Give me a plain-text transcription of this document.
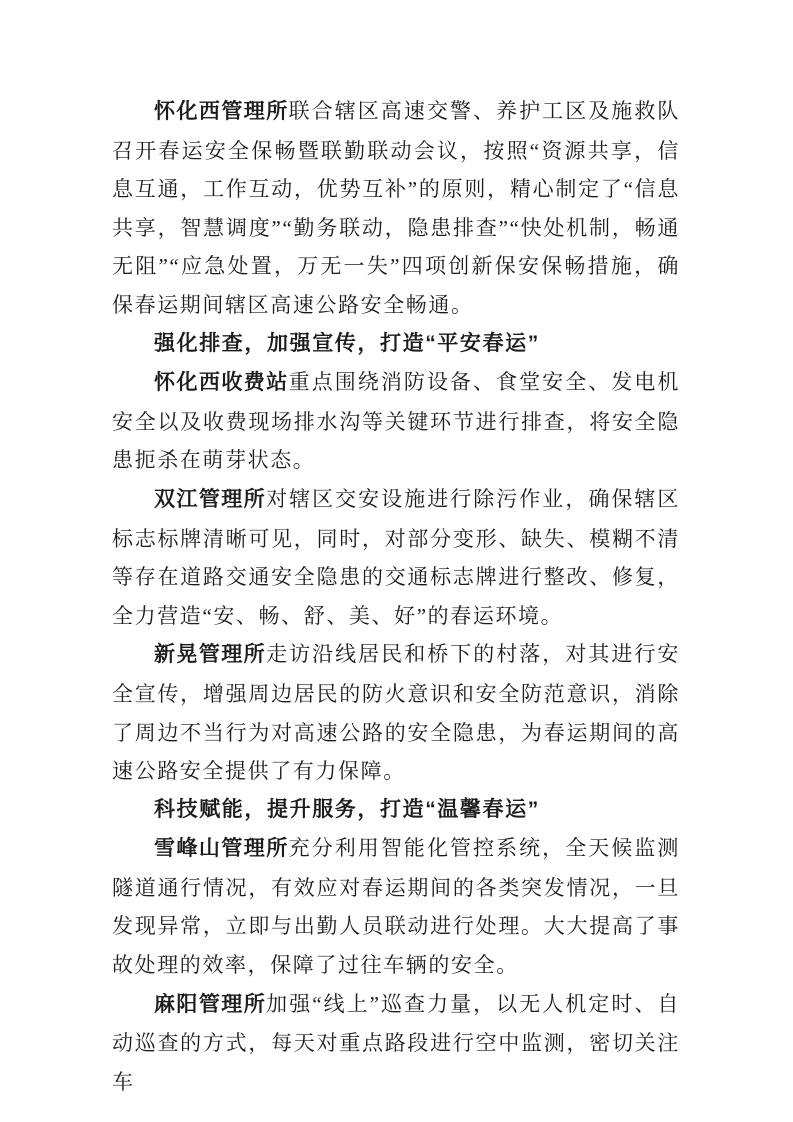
怀化西管理所联合辖区高速交警、养护工区及施救队召开春运安全保畅暨联勤联动会议，按照“资源共享，信息互通，工作互动，优势互补”的原则，精心制定了“信息共享，智慧调度”“勤务联动，隐患排查”“快处机制，畅通无阻”“应急处置，万无一失”四项创新保安保畅措施，确保春运期间辖区高速公路安全畅通。

强化排查，加强宣传，打造“平安春运”

怀化西收费站重点围绕消防设备、食堂安全、发电机安全以及收费现场排水沟等关键环节进行排查，将安全隐患扼杀在萌芽状态。

双江管理所对辖区交安设施进行除污作业，确保辖区标志标牌清晰可见，同时，对部分变形、缺失、模糊不清等存在道路交通安全隐患的交通标志牌进行整改、修复，全力营造“安、畅、舒、美、好”的春运环境。

新晃管理所走访沿线居民和桥下的村落，对其进行安全宣传，增强周边居民的防火意识和安全防范意识，消除了周边不当行为对高速公路的安全隐患，为春运期间的高速公路安全提供了有力保障。

科技赋能，提升服务，打造“温馨春运”

雪峰山管理所充分利用智能化管控系统，全天候监测隧道通行情况，有效应对春运期间的各类突发情况，一旦发现异常，立即与出勤人员联动进行处理。大大提高了事故处理的效率，保障了过往车辆的安全。

麻阳管理所加强“线上”巡查力量，以无人机定时、自动巡查的方式，每天对重点路段进行空中监测，密切关注车
